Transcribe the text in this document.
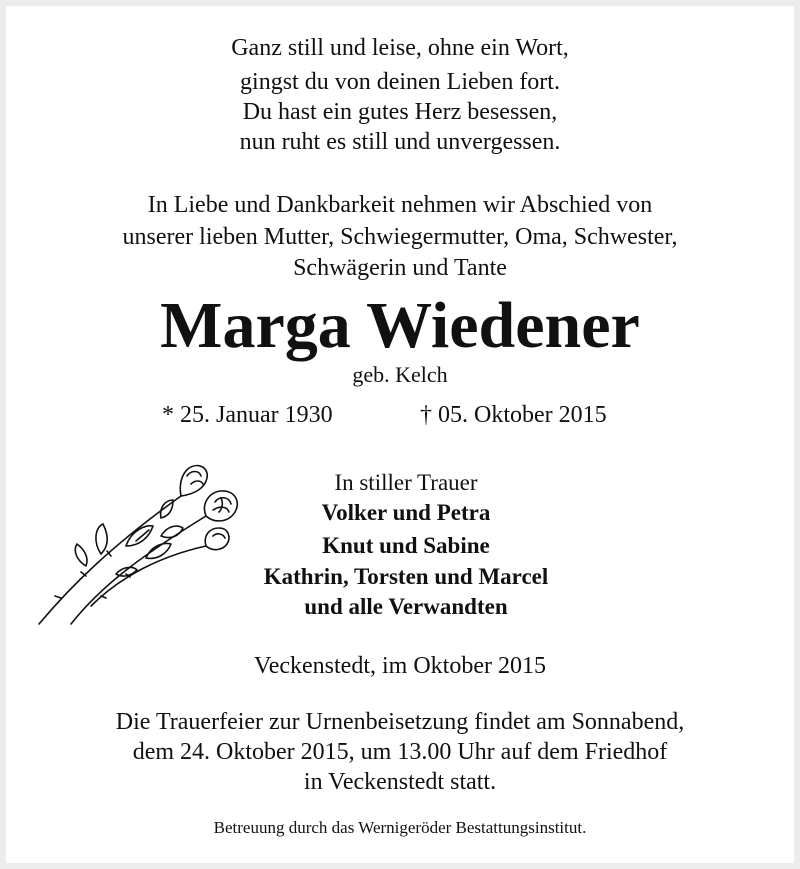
Ganz still und leise, ohne ein Wort,
gingst du von deinen Lieben fort.
Du hast ein gutes Herz besessen,
nun ruht es still und unvergessen.
In Liebe und Dankbarkeit nehmen wir Abschied von
unserer lieben Mutter, Schwiegermutter, Oma, Schwester,
Schwägerin und Tante
Marga Wiedener
geb. Kelch
* 25. Januar 1930	† 05. Oktober 2015
In stiller Trauer
Volker und Petra
Knut und Sabine
Kathrin, Torsten und Marcel
und alle Verwandten
Veckenstedt, im Oktober 2015
Die Trauerfeier zur Urnenbeisetzung findet am Sonnabend,
dem 24. Oktober 2015, um 13.00 Uhr auf dem Friedhof
in Veckenstedt statt.
Betreuung durch das Wernigeröder Bestattungsinstitut.
